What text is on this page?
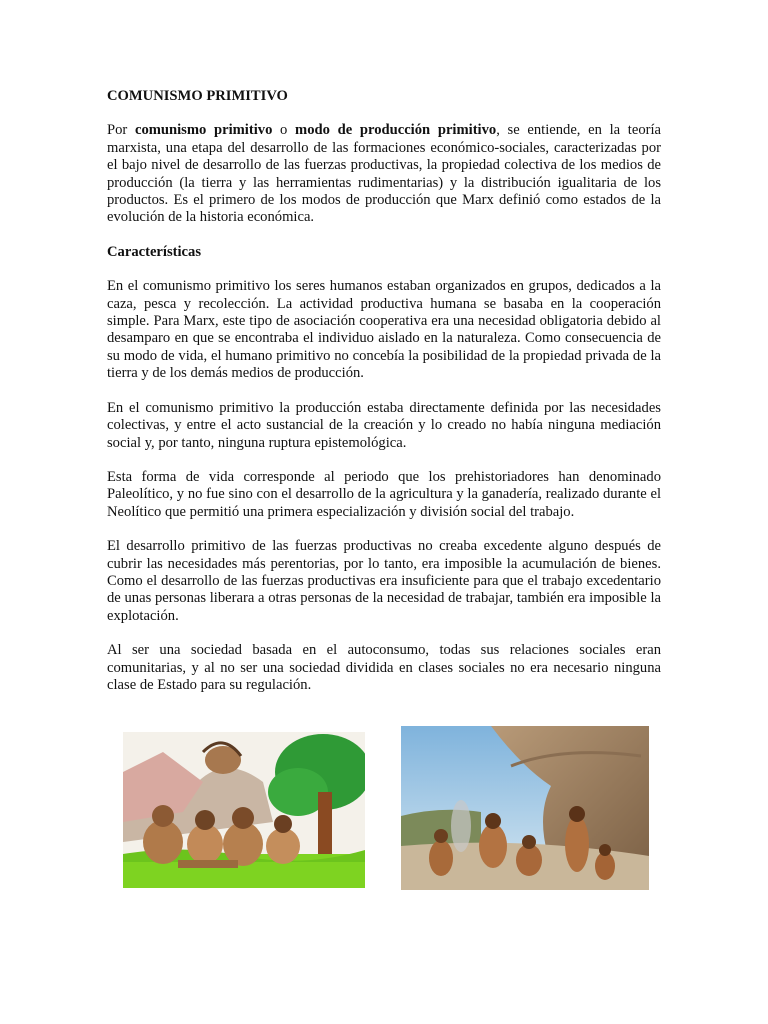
COMUNISMO PRIMITIVO

Por comunismo primitivo o modo de producción primitivo, se entiende, en la teoría marxista, una etapa del desarrollo de las formaciones económico-sociales, caracterizadas por el bajo nivel de desarrollo de las fuerzas productivas, la propiedad colectiva de los medios de producción (la tierra y las herramientas rudimentarias) y la distribución igualitaria de los productos. Es el primero de los modos de producción que Marx definió como estados de la evolución de la historia económica.

Características

En el comunismo primitivo los seres humanos estaban organizados en grupos, dedicados a la caza, pesca y recolección. La actividad productiva humana se basaba en la cooperación simple. Para Marx, este tipo de asociación cooperativa era una necesidad obligatoria debido al desamparo en que se encontraba el individuo aislado en la naturaleza. Como consecuencia de su modo de vida, el humano primitivo no concebía la posibilidad de la propiedad privada de la tierra y de los demás medios de producción.

En el comunismo primitivo la producción estaba directamente definida por las necesidades colectivas, y entre el acto sustancial de la creación y lo creado no había ninguna mediación social y, por tanto, ninguna ruptura epistemológica.

Esta forma de vida corresponde al periodo que los prehistoriadores han denominado Paleolítico, y no fue sino con el desarrollo de la agricultura y la ganadería, realizado durante el Neolítico que permitió una primera especialización y división social del trabajo.

El desarrollo primitivo de las fuerzas productivas no creaba excedente alguno después de cubrir las necesidades más perentorias, por lo tanto, era imposible la acumulación de bienes. Como el desarrollo de las fuerzas productivas era insuficiente para que el trabajo excedentario de unas personas liberara a otras personas de la necesidad de trabajar, también era imposible la explotación.

Al ser una sociedad basada en el autoconsumo, todas sus relaciones sociales eran comunitarias, y al no ser una sociedad dividida en clases sociales no era necesario ninguna clase de Estado para su regulación.
